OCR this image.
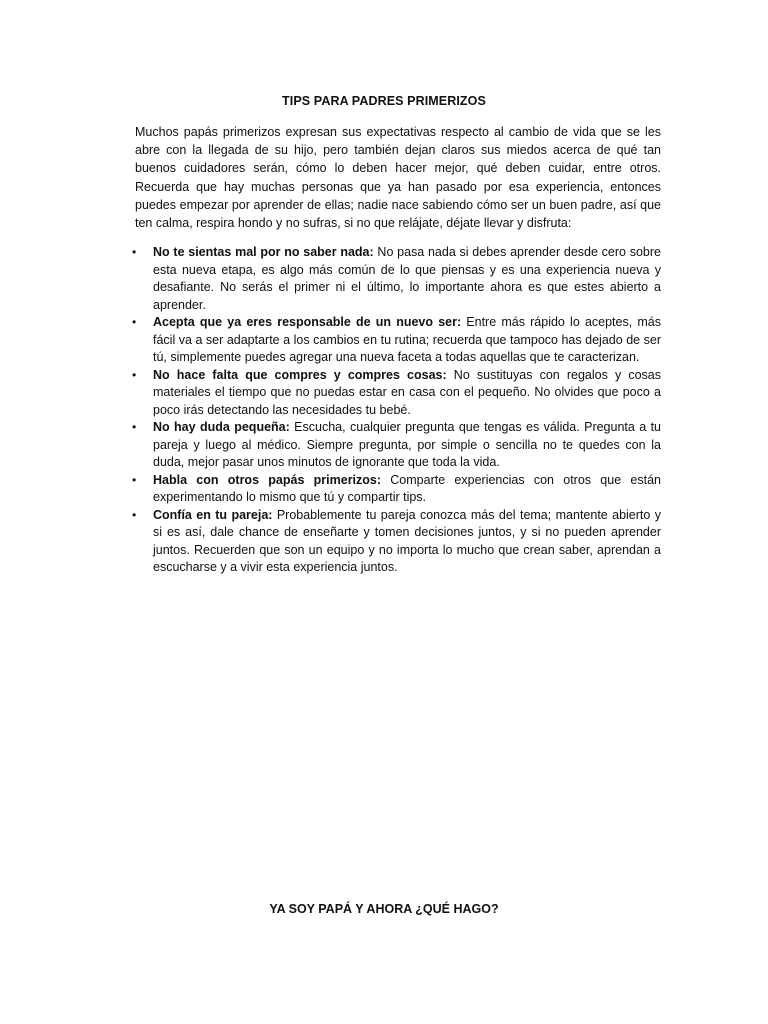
TIPS PARA PADRES PRIMERIZOS

Muchos papás primerizos expresan sus expectativas respecto al cambio de vida que se les abre con la llegada de su hijo, pero también dejan claros sus miedos acerca de qué tan buenos cuidadores serán, cómo lo deben hacer mejor, qué deben cuidar, entre otros. Recuerda que hay muchas personas que ya han pasado por esa experiencia, entonces puedes empezar por aprender de ellas; nadie nace sabiendo cómo ser un buen padre, así que ten calma, respira hondo y no sufras, si no que relájate, déjate llevar y disfruta:

•	No te sientas mal por no saber nada: No pasa nada si debes aprender desde cero sobre esta nueva etapa, es algo más común de lo que piensas y es una experiencia nueva y desafiante. No serás el primer ni el último, lo importante ahora es que estes abierto a aprender.
•	Acepta que ya eres responsable de un nuevo ser: Entre más rápido lo aceptes, más fácil va a ser adaptarte a los cambios en tu rutina; recuerda que tampoco has dejado de ser tú, simplemente puedes agregar una nueva faceta a todas aquellas que te caracterizan.
•	No hace falta que compres y compres cosas: No sustituyas con regalos y cosas materiales el tiempo que no puedas estar en casa con el pequeño. No olvides que poco a poco irás detectando las necesidades tu bebé.
•	No hay duda pequeña: Escucha, cualquier pregunta que tengas es válida. Pregunta a tu pareja y luego al médico. Siempre pregunta, por simple o sencilla no te quedes con la duda, mejor pasar unos minutos de ignorante que toda la vida.
•	Habla con otros papás primerizos: Comparte experiencias con otros que están experimentando lo mismo que tú y compartir tips.
•	Confía en tu pareja: Probablemente tu pareja conozca más del tema; mantente abierto y si es así, dale chance de enseñarte y tomen decisiones juntos, y si no pueden aprender juntos. Recuerden que son un equipo y no importa lo mucho que crean saber, aprendan a escucharse y a vivir esta experiencia juntos.
YA SOY PAPÁ Y AHORA ¿QUÉ HAGO?
